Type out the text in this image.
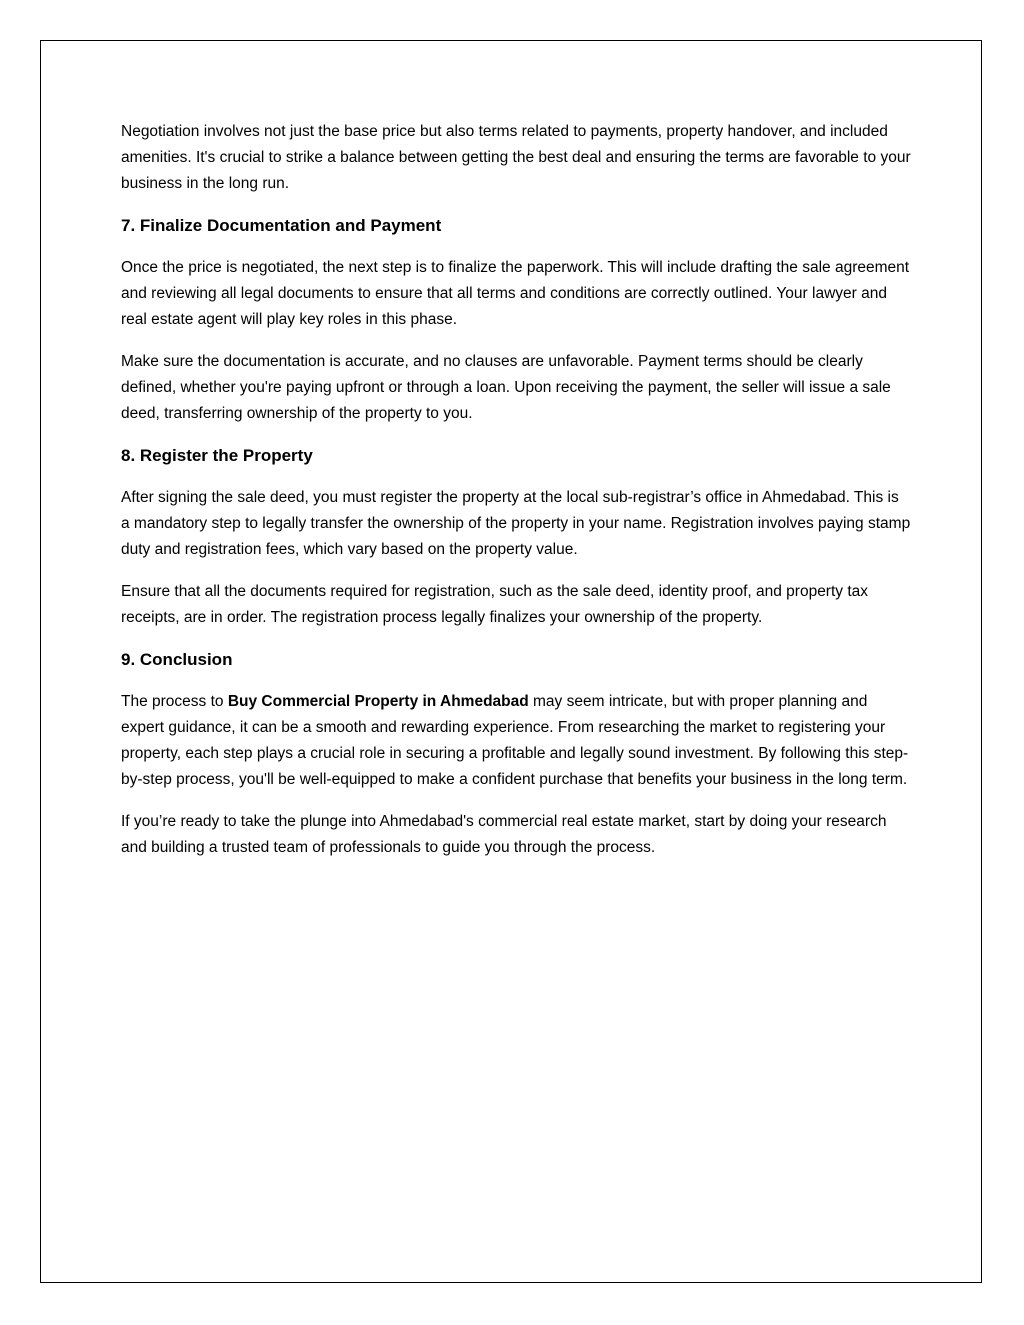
Negotiation involves not just the base price but also terms related to payments, property handover, and included amenities. It's crucial to strike a balance between getting the best deal and ensuring the terms are favorable to your business in the long run.

7. Finalize Documentation and Payment

Once the price is negotiated, the next step is to finalize the paperwork. This will include drafting the sale agreement and reviewing all legal documents to ensure that all terms and conditions are correctly outlined. Your lawyer and real estate agent will play key roles in this phase.

Make sure the documentation is accurate, and no clauses are unfavorable. Payment terms should be clearly defined, whether you're paying upfront or through a loan. Upon receiving the payment, the seller will issue a sale deed, transferring ownership of the property to you.

8. Register the Property

After signing the sale deed, you must register the property at the local sub-registrar’s office in Ahmedabad. This is a mandatory step to legally transfer the ownership of the property in your name. Registration involves paying stamp duty and registration fees, which vary based on the property value.

Ensure that all the documents required for registration, such as the sale deed, identity proof, and property tax receipts, are in order. The registration process legally finalizes your ownership of the property.

9. Conclusion

The process to Buy Commercial Property in Ahmedabad may seem intricate, but with proper planning and expert guidance, it can be a smooth and rewarding experience. From researching the market to registering your property, each step plays a crucial role in securing a profitable and legally sound investment. By following this step-by-step process, you'll be well-equipped to make a confident purchase that benefits your business in the long term.

If you’re ready to take the plunge into Ahmedabad's commercial real estate market, start by doing your research and building a trusted team of professionals to guide you through the process.
